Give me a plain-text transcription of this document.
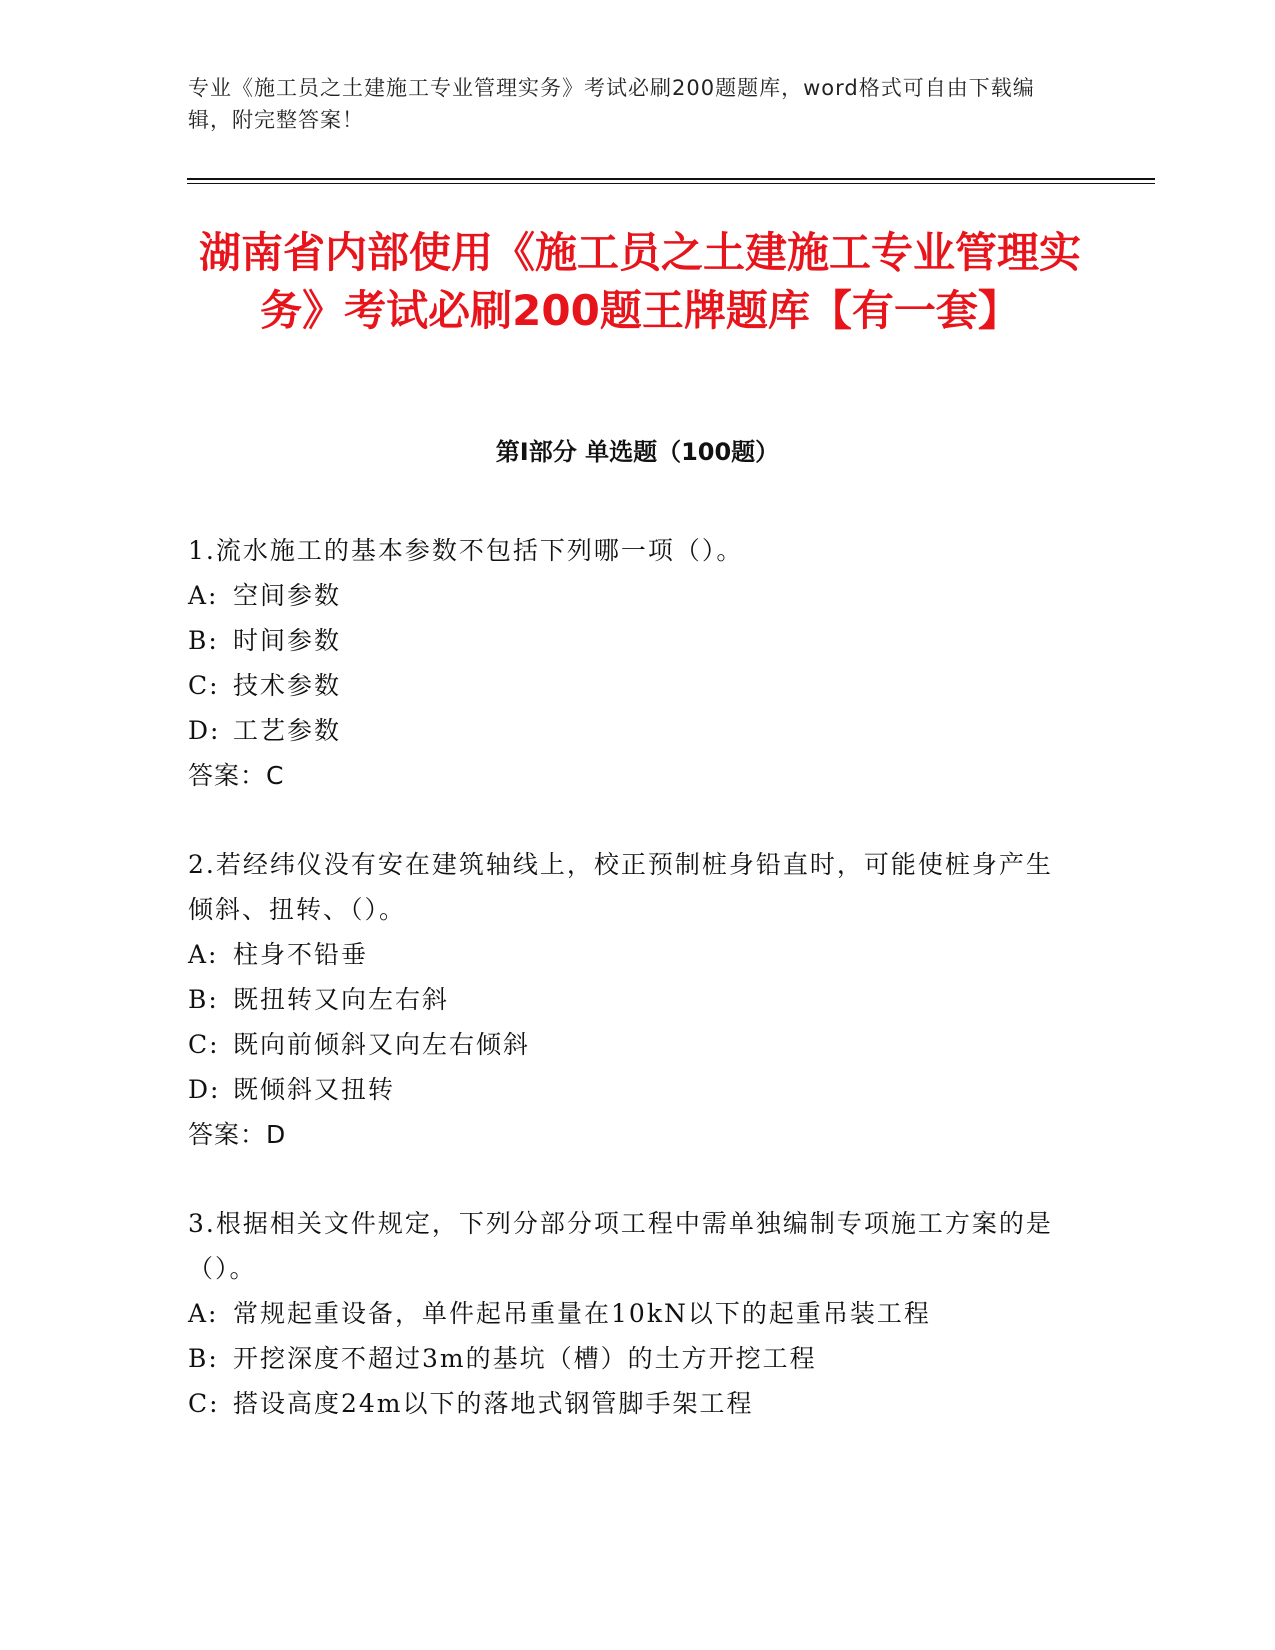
专业《施工员之土建施工专业管理实务》考试必刷200题题库，word格式可自由下载编辑，附完整答案！
湖南省内部使用《施工员之土建施工专业管理实务》考试必刷200题王牌题库【有一套】
第Ⅰ部分 单选题（100题）

1.流水施工的基本参数不包括下列哪一项（）。

A: 空间参数
B: 时间参数
C: 技术参数
D: 工艺参数
答案：C

2.若经纬仪没有安在建筑轴线上，校正预制桩身铅直时，可能使桩身产生倾斜、扭转、（）。

A: 柱身不铅垂
B: 既扭转又向左右斜
C: 既向前倾斜又向左右倾斜
D: 既倾斜又扭转
答案：D

3.根据相关文件规定，下列分部分项工程中需单独编制专项施工方案的是（）。

A: 常规起重设备，单件起吊重量在10kN以下的起重吊装工程
B: 开挖深度不超过3m的基坑（槽）的土方开挖工程
C: 搭设高度24m以下的落地式钢管脚手架工程
